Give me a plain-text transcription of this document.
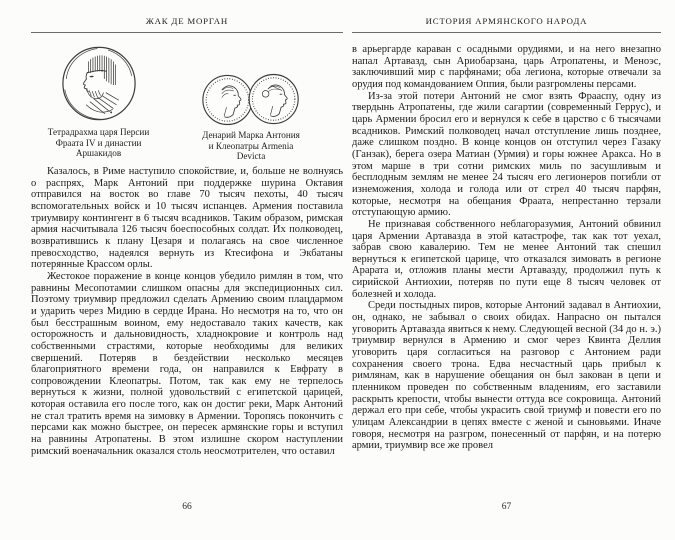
ЖАК ДЕ МОРГАН
Тетрадрахма царя Персии
Фраата IV и династии
Аршакидов
Денарий Марка Антония
и Клеопатры Armenia
Devicta

Казалось, в Риме наступило спокойствие, и, больше не волнуясь о распрях, Марк Антоний при поддержке шурина Октавия отправился на восток во главе 70 тысяч пехоты, 40 тысяч вспомогательных войск и 10 тысяч испанцев. Армения поставила триумвиру контингент в 6 тысяч всадников. Таким образом, римская армия насчитывала 126 тысяч боеспособных солдат. Их полководец, возвратившись к плану Цезаря и полагаясь на свое численное превосходство, надеялся вернуть из Ктесифона и Экбатаны потерянные Крассом орлы.

Жестокое поражение в конце концов убедило римлян в том, что равнины Месопотамии слишком опасны для экспедиционных сил. Поэтому триумвир предложил сделать Армению своим плацдармом и ударить через Мидию в сердце Ирана. Но несмотря на то, что он был бесстрашным воином, ему недоставало таких качеств, как осторожность и дальновидность, хладнокровие и контроль над собственными страстями, которые необходимы для великих свершений. Потеряв в бездействии несколько месяцев благоприятного времени года, он направился к Евфрату в сопровождении Клеопатры. Потом, так как ему не терпелось вернуться к жизни, полной удовольствий с египетской царицей, которая оставила его после того, как он достиг реки, Марк Антоний не стал тратить время на зимовку в Армении. Торопясь покончить с персами как можно быстрее, он пересек армянские горы и вступил на равнины Атропатены. В этом излишне скором наступлении римский военачальник оказался столь неосмотрителен, что оставил

66
ИСТОРИЯ АРМЯНСКОГО НАРОДА

в арьергарде караван с осадными орудиями, и на него внезапно напал Артавазд, сын Ариобарзана, царь Атропатены, и Меноэс, заключивший мир с парфянами; оба легиона, которые отвечали за орудия под командованием Оппия, были разгромлены персами.

Из-за этой потери Антоний не смог взять Фрааспу, одну из твердынь Атропатены, где жили сагартии (современный Геррус), и царь Армении бросил его и вернулся к себе в царство с 6 тысячами всадников. Римский полководец начал отступление лишь позднее, даже слишком поздно. В конце концов он отступил через Газаку (Ганзак), берега озера Матиан (Урмия) и горы южнее Аракса. Но в этом марше в три сотни римских миль по засушливым и бесплодным землям не менее 24 тысяч его легионеров погибли от изнеможения, холода и голода или от стрел 40 тысяч парфян, которые, несмотря на обещания Фраата, непрестанно терзали отступающую армию.

Не признавая собственного неблагоразумия, Антоний обвинил царя Армении Артавазда в этой катастрофе, так как тот уехал, забрав свою кавалерию. Тем не менее Антоний так спешил вернуться к египетской царице, что отказался зимовать в регионе Арарата и, отложив планы мести Артавазду, продолжил путь к сирийской Антиохии, потеряв по пути еще 8 тысяч человек от болезней и холода.

Среди постыдных пиров, которые Антоний задавал в Антиохии, он, однако, не забывал о своих обидах. Напрасно он пытался уговорить Артавазда явиться к нему. Следующей весной (34 до н. э.) триумвир вернулся в Армению и смог через Квинта Деллия уговорить царя согласиться на разговор с Антонием ради сохранения своего трона. Едва несчастный царь прибыл к римлянам, как в нарушение обещания он был закован в цепи и пленником проведен по собственным владениям, его заставили раскрыть крепости, чтобы вынести оттуда все сокровища. Антоний держал его при себе, чтобы украсить свой триумф и повести его по улицам Александрии в цепях вместе с женой и сыновьями. Иначе говоря, несмотря на разгром, понесенный от парфян, и на потерю армии, триумвир все же провел

67
